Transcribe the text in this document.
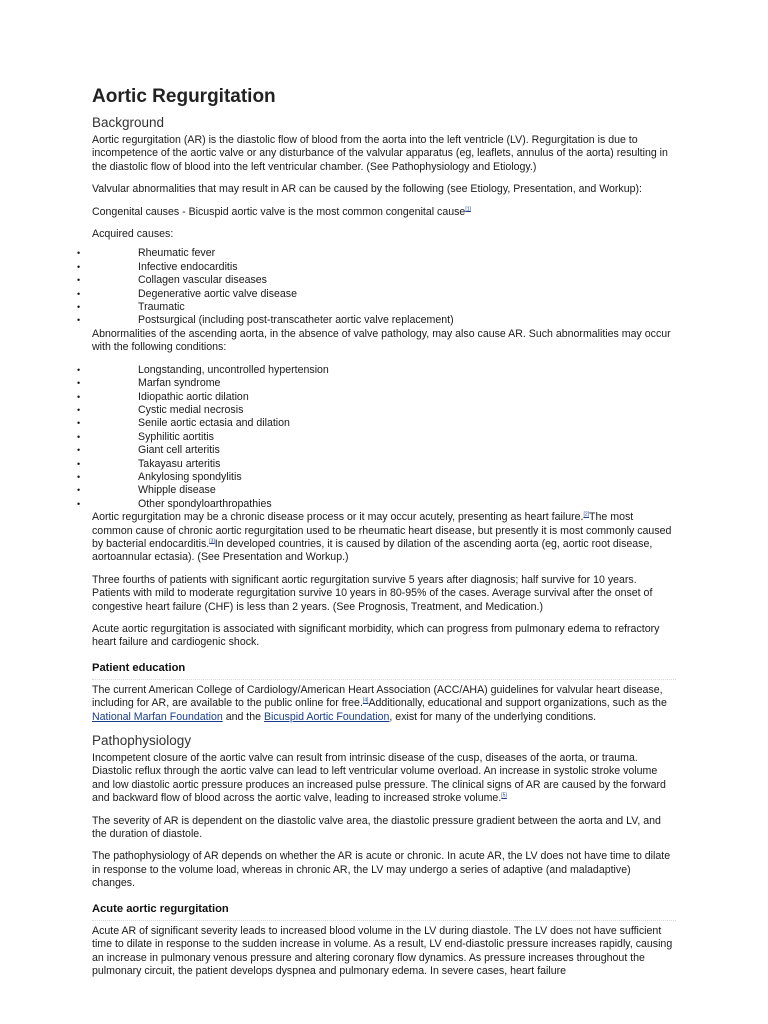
Aortic Regurgitation
Background

Aortic regurgitation (AR) is the diastolic flow of blood from the aorta into the left ventricle (LV). Regurgitation is due to incompetence of the aortic valve or any disturbance of the valvular apparatus (eg, leaflets, annulus of the aorta) resulting in the diastolic flow of blood into the left ventricular chamber. (See Pathophysiology and Etiology.)

Valvular abnormalities that may result in AR can be caused by the following (see Etiology, Presentation, and Workup):

Congenital causes - Bicuspid aortic valve is the most common congenital cause[1]

Acquired causes:

•	Rheumatic fever
•	Infective endocarditis
•	Collagen vascular diseases
•	Degenerative aortic valve disease
•	Traumatic
•	Postsurgical (including post-transcatheter aortic valve replacement)

Abnormalities of the ascending aorta, in the absence of valve pathology, may also cause AR. Such abnormalities may occur with the following conditions:

•	Longstanding, uncontrolled hypertension
•	Marfan syndrome
•	Idiopathic aortic dilation
•	Cystic medial necrosis
•	Senile aortic ectasia and dilation
•	Syphilitic aortitis
•	Giant cell arteritis
•	Takayasu arteritis
•	Ankylosing spondylitis
•	Whipple disease
•	Other spondyloarthropathies

Aortic regurgitation may be a chronic disease process or it may occur acutely, presenting as heart failure.[2]The most common cause of chronic aortic regurgitation used to be rheumatic heart disease, but presently it is most commonly caused by bacterial endocarditis.[3]In developed countries, it is caused by dilation of the ascending aorta (eg, aortic root disease, aortoannular ectasia). (See Presentation and Workup.)

Three fourths of patients with significant aortic regurgitation survive 5 years after diagnosis; half survive for 10 years. Patients with mild to moderate regurgitation survive 10 years in 80-95% of the cases. Average survival after the onset of congestive heart failure (CHF) is less than 2 years. (See Prognosis, Treatment, and Medication.)

Acute aortic regurgitation is associated with significant morbidity, which can progress from pulmonary edema to refractory heart failure and cardiogenic shock.

Patient education

The current American College of Cardiology/American Heart Association (ACC/AHA) guidelines for valvular heart disease, including for AR, are available to the public online for free.[4]Additionally, educational and support organizations, such as the National Marfan Foundation and the Bicuspid Aortic Foundation, exist for many of the underlying conditions.

Pathophysiology

Incompetent closure of the aortic valve can result from intrinsic disease of the cusp, diseases of the aorta, or trauma. Diastolic reflux through the aortic valve can lead to left ventricular volume overload. An increase in systolic stroke volume and low diastolic aortic pressure produces an increased pulse pressure. The clinical signs of AR are caused by the forward and backward flow of blood across the aortic valve, leading to increased stroke volume.[5]

The severity of AR is dependent on the diastolic valve area, the diastolic pressure gradient between the aorta and LV, and the duration of diastole.

The pathophysiology of AR depends on whether the AR is acute or chronic. In acute AR, the LV does not have time to dilate in response to the volume load, whereas in chronic AR, the LV may undergo a series of adaptive (and maladaptive) changes.

Acute aortic regurgitation

Acute AR of significant severity leads to increased blood volume in the LV during diastole. The LV does not have sufficient time to dilate in response to the sudden increase in volume. As a result, LV end-diastolic pressure increases rapidly, causing an increase in pulmonary venous pressure and altering coronary flow dynamics. As pressure increases throughout the pulmonary circuit, the patient develops dyspnea and pulmonary edema. In severe cases, heart failure
